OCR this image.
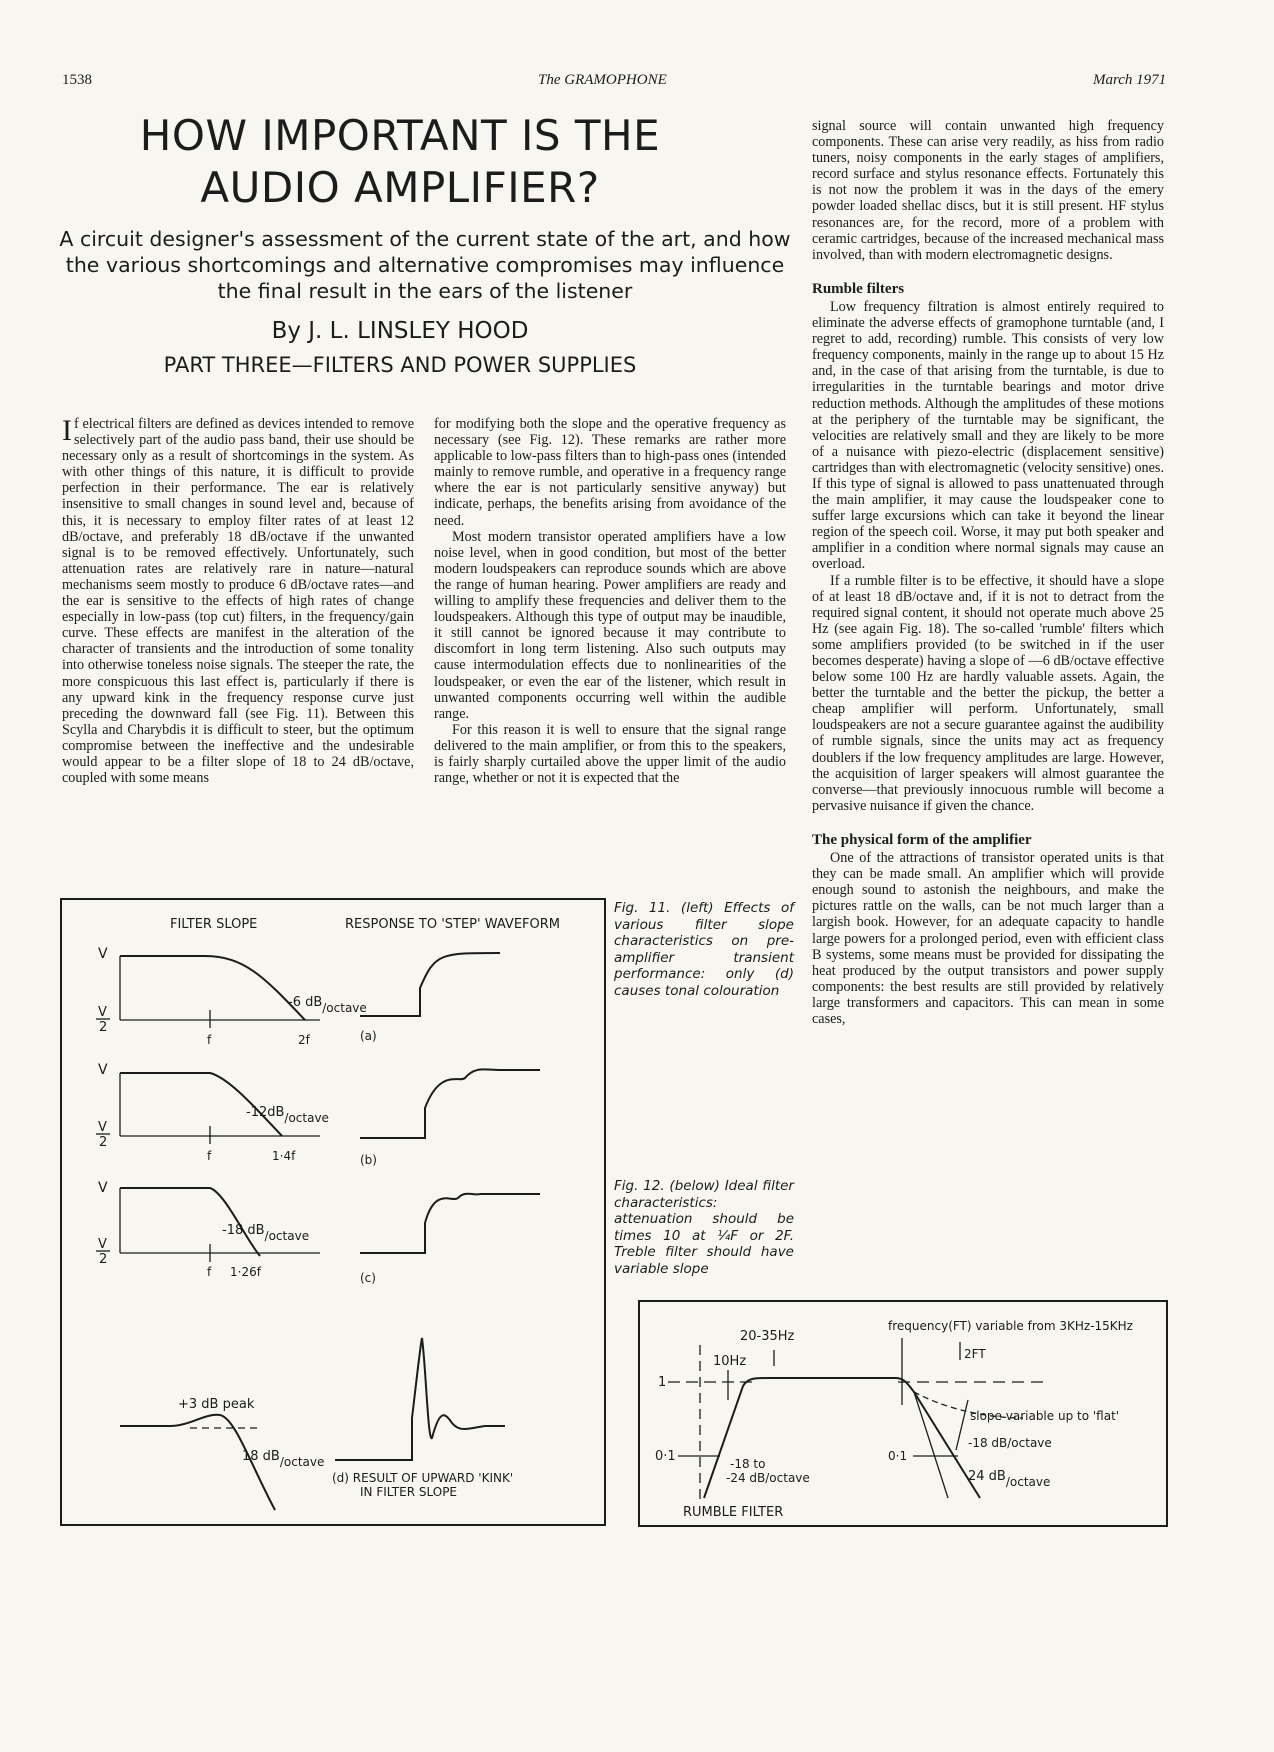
1538	The GRAMOPHONE	March 1971
HOW IMPORTANT IS THE
AUDIO AMPLIFIER?
A circuit designer's assessment of the current state of the art, and how the various shortcomings and alternative compromises may influence the final result in the ears of the listener
By J. L. LINSLEY HOOD
PART THREE—FILTERS AND POWER SUPPLIES

If electrical filters are defined as devices intended to remove selectively part of the audio pass band, their use should be necessary only as a result of shortcomings in the system. As with other things of this nature, it is difficult to provide perfection in their performance. The ear is relatively insensitive to small changes in sound level and, because of this, it is necessary to employ filter rates of at least 12 dB/octave, and preferably 18 dB/octave if the unwanted signal is to be removed effectively. Unfortunately, such attenuation rates are relatively rare in nature—natural mechanisms seem mostly to produce 6 dB/octave rates—and the ear is sensitive to the effects of high rates of change especially in low-pass (top cut) filters, in the frequency/gain curve. These effects are manifest in the alteration of the character of transients and the introduction of some tonality into otherwise toneless noise signals. The steeper the rate, the more conspicuous this last effect is, particularly if there is any upward kink in the frequency response curve just preceding the downward fall (see Fig. 11). Between this Scylla and Charybdis it is difficult to steer, but the optimum compromise between the ineffective and the undesirable would appear to be a filter slope of 18 to 24 dB/octave, coupled with some means

for modifying both the slope and the operative frequency as necessary (see Fig. 12). These remarks are rather more applicable to low-pass filters than to high-pass ones (intended mainly to remove rumble, and operative in a frequency range where the ear is not particularly sensitive anyway) but indicate, perhaps, the benefits arising from avoidance of the need.

Most modern transistor operated amplifiers have a low noise level, when in good condition, but most of the better modern loudspeakers can reproduce sounds which are above the range of human hearing. Power amplifiers are ready and willing to amplify these frequencies and deliver them to the loudspeakers. Although this type of output may be inaudible, it still cannot be ignored because it may contribute to discomfort in long term listening. Also such outputs may cause intermodulation effects due to nonlinearities of the loudspeaker, or even the ear of the listener, which result in unwanted components occurring well within the audible range.

For this reason it is well to ensure that the signal range delivered to the main amplifier, or from this to the speakers, is fairly sharply curtailed above the upper limit of the audio range, whether or not it is expected that the

signal source will contain unwanted high frequency components. These can arise very readily, as hiss from radio tuners, noisy components in the early stages of amplifiers, record surface and stylus resonance effects. Fortunately this is not now the problem it was in the days of the emery powder loaded shellac discs, but it is still present. HF stylus resonances are, for the record, more of a problem with ceramic cartridges, because of the increased mechanical mass involved, than with modern electromagnetic designs.

Rumble filters

Low frequency filtration is almost entirely required to eliminate the adverse effects of gramophone turntable (and, I regret to add, recording) rumble. This consists of very low frequency components, mainly in the range up to about 15 Hz and, in the case of that arising from the turntable, is due to irregularities in the turntable bearings and motor drive reduction methods. Although the amplitudes of these motions at the periphery of the turntable may be significant, the velocities are relatively small and they are likely to be more of a nuisance with piezo-electric (displacement sensitive) cartridges than with electromagnetic (velocity sensitive) ones. If this type of signal is allowed to pass unattenuated through the main amplifier, it may cause the loudspeaker cone to suffer large excursions which can take it beyond the linear region of the speech coil. Worse, it may put both speaker and amplifier in a condition where normal signals may cause an overload.

If a rumble filter is to be effective, it should have a slope of at least 18 dB/octave and, if it is not to detract from the required signal content, it should not operate much above 25 Hz (see again Fig. 18). The so-called 'rumble' filters which some amplifiers provided (to be switched in if the user becomes desperate) having a slope of —6 dB/octave effective below some 100 Hz are hardly valuable assets. Again, the better the turntable and the better the pickup, the better a cheap amplifier will perform. Unfortunately, small loudspeakers are not a secure guarantee against the audibility of rumble signals, since the units may act as frequency doublers if the low frequency amplitudes are large. However, the acquisition of larger speakers will almost guarantee the converse—that previously innocuous rumble will become a pervasive nuisance if given the chance.

The physical form of the amplifier

One of the attractions of transistor operated units is that they can be made small. An amplifier which will provide enough sound to astonish the neighbours, and make the pictures rattle on the walls, can be not much larger than a largish book. However, for an adequate capacity to handle large powers for a prolonged period, even with efficient class B systems, some means must be provided for dissipating the heat produced by the output transistors and power supply components: the best results are still provided by relatively large transformers and capacitors. This can mean in some cases,

Fig. 11. (left) Effects of various filter slope characteristics on pre-amplifier transient performance: only (d) causes tonal colouration
Fig. 12. (below) Ideal filter characteristics: attenuation should be times 10 at ¼F or 2F. Treble filter should have variable slope
FILTER SLOPE	RESPONSE TO 'STEP' WAVEFORM
V
V
2
-6 dB/octave
f	2f	(a)
V
V
2
-12dB/octave
f	1·4f	(b)
V
V
2
-18 dB/octave
f 1·26f	(c)
+3 dB peak
18 dB/octave
(d) RESULT OF UPWARD 'KINK'
IN FILTER SLOPE
20-35Hz
10Hz
1
0·1	-18 to
-24 dB/octave
RUMBLE FILTER
frequency(FT) variable from 3KHz-15KHz
2FT
slope variable up to 'flat'
-18 dB/octave
0·1
24 dB/octave
